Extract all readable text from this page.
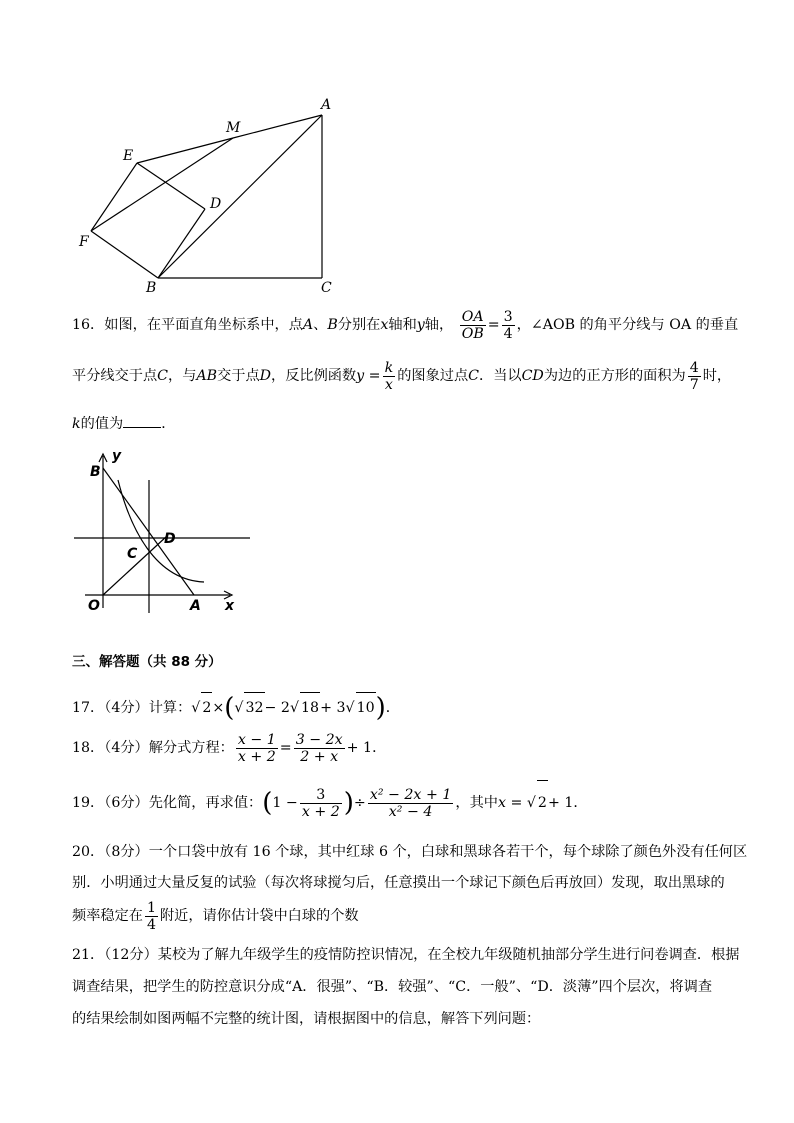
A
M
E
D
F
B	C
16．如图，在平面直角坐标系中，点A、B分别在x轴和y轴， $\frac{OA}{OB} = \frac{3}{4}$ ，∠AOB 的角平分线与 OA 的垂直
平分线交于点C，与AB交于点D，反比例函数$y = \frac{k}{x}$ 的图象过点C．当以CD为边的正方形的面积为 $\frac{4}{7}$ 时，
k的值为	．
B
y
D
C
O	A x
三、解答题（共 88 分）
17．（4分）计算：√ 2×(√ 32− 2√ 18+ 3√ 10)．
18．（4分）解分式方程： $\frac{x - 1}{x + 2} = \frac{3 - 2x}{2 + x} + 1$．
19．（6分）先化简，再求值：($1 - \frac{3}{x + 2}$ )÷ $\frac{\text{x² − 2x + 1}}{\text{x² − 4}}$ ，其中x = √ 2+ 1．
20．（8分）一个口袋中放有 16 个球，其中红球 6 个，白球和黑球各若干个，每个球除了颜色外没有任何区
别．小明通过大量反复的试验（每次将球搅匀后，任意摸出一个球记下颜色后再放回）发现，取出黑球的
频率稳定在 $\frac{1}{4}$ 附近，请你估计袋中白球的个数
21．（12分）某校为了解九年级学生的疫情防控识情况，在全校九年级随机抽部分学生进行问卷调查．根据
调查结果，把学生的防控意识分成“A．很强”、“B．较强”、“C．一般”、“D．淡薄”四个层次，将调查
的结果绘制如图两幅不完整的统计图，请根据图中的信息，解答下列问题：
